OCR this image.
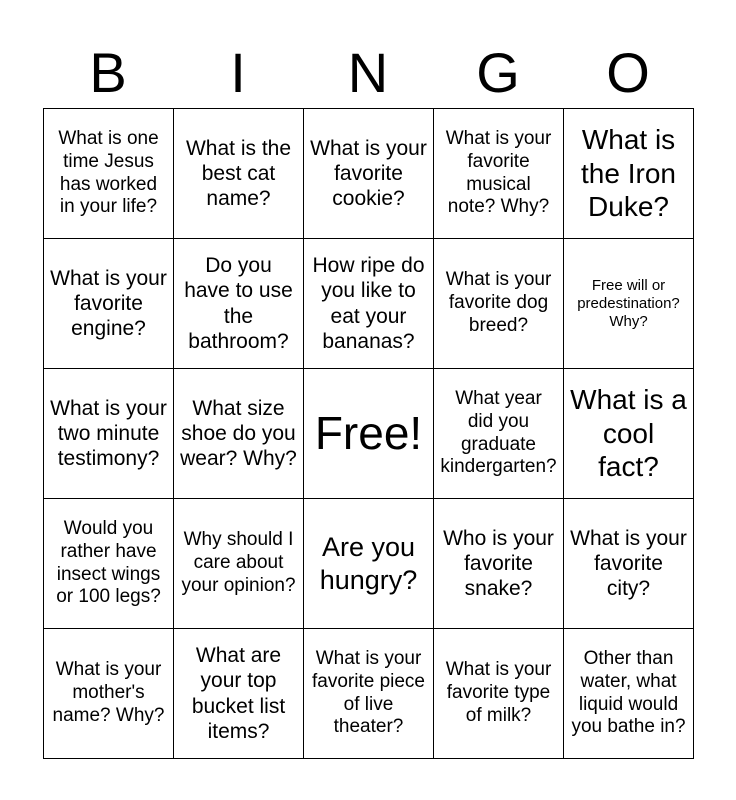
B	I	N	G	O
What is one time Jesus has worked in your life?	What is the best cat name?	What is your favorite cookie?	What is your favorite musical note? Why?	What is the Iron Duke?
What is your favorite engine?	Do you have to use the bathroom?	How ripe do you like to eat your bananas?	What is your favorite dog breed?	Free will or predestination? Why?
What is your two minute testimony?	What size shoe do you wear? Why?	Free!	What year did you graduate kindergarten?	What is a cool fact?
Would you rather have insect wings or 100 legs?	Why should I care about your opinion?	Are you hungry?	Who is your favorite snake?	What is your favorite city?
What is your mother's name? Why?	What are your top bucket list items?	What is your favorite piece of live theater?	What is your favorite type of milk?	Other than water, what liquid would you bathe in?
